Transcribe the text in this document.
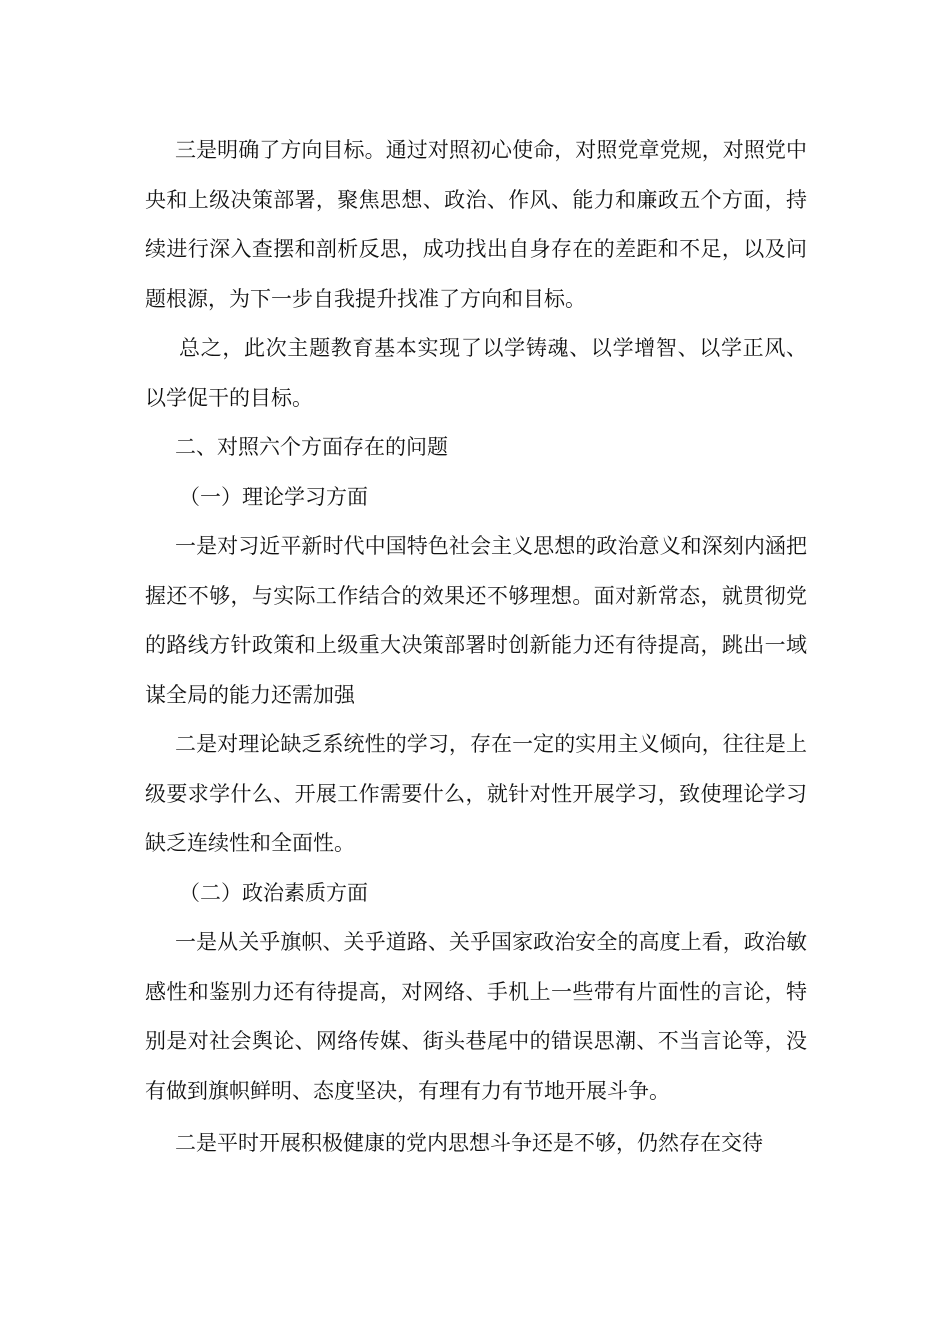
三是明确了方向目标。通过对照初心使命，对照党章党规，对照党中央和上级决策部署，聚焦思想、政治、作风、能力和廉政五个方面，持续进行深入查摆和剖析反思，成功找出自身存在的差距和不足，以及问题根源，为下一步自我提升找准了方向和目标。

总之，此次主题教育基本实现了以学铸魂、以学增智、以学正风、以学促干的目标。

二、对照六个方面存在的问题

（一）理论学习方面

一是对习近平新时代中国特色社会主义思想的政治意义和深刻内涵把握还不够，与实际工作结合的效果还不够理想。面对新常态，就贯彻党的路线方针政策和上级重大决策部署时创新能力还有待提高，跳出一域谋全局的能力还需加强

二是对理论缺乏系统性的学习，存在一定的实用主义倾向，往往是上级要求学什么、开展工作需要什么，就针对性开展学习，致使理论学习缺乏连续性和全面性。

（二）政治素质方面

一是从关乎旗帜、关乎道路、关乎国家政治安全的高度上看，政治敏感性和鉴别力还有待提高，对网络、手机上一些带有片面性的言论，特别是对社会舆论、网络传媒、街头巷尾中的错误思潮、不当言论等，没有做到旗帜鲜明、态度坚决，有理有力有节地开展斗争。

二是平时开展积极健康的党内思想斗争还是不够，仍然存在交待
